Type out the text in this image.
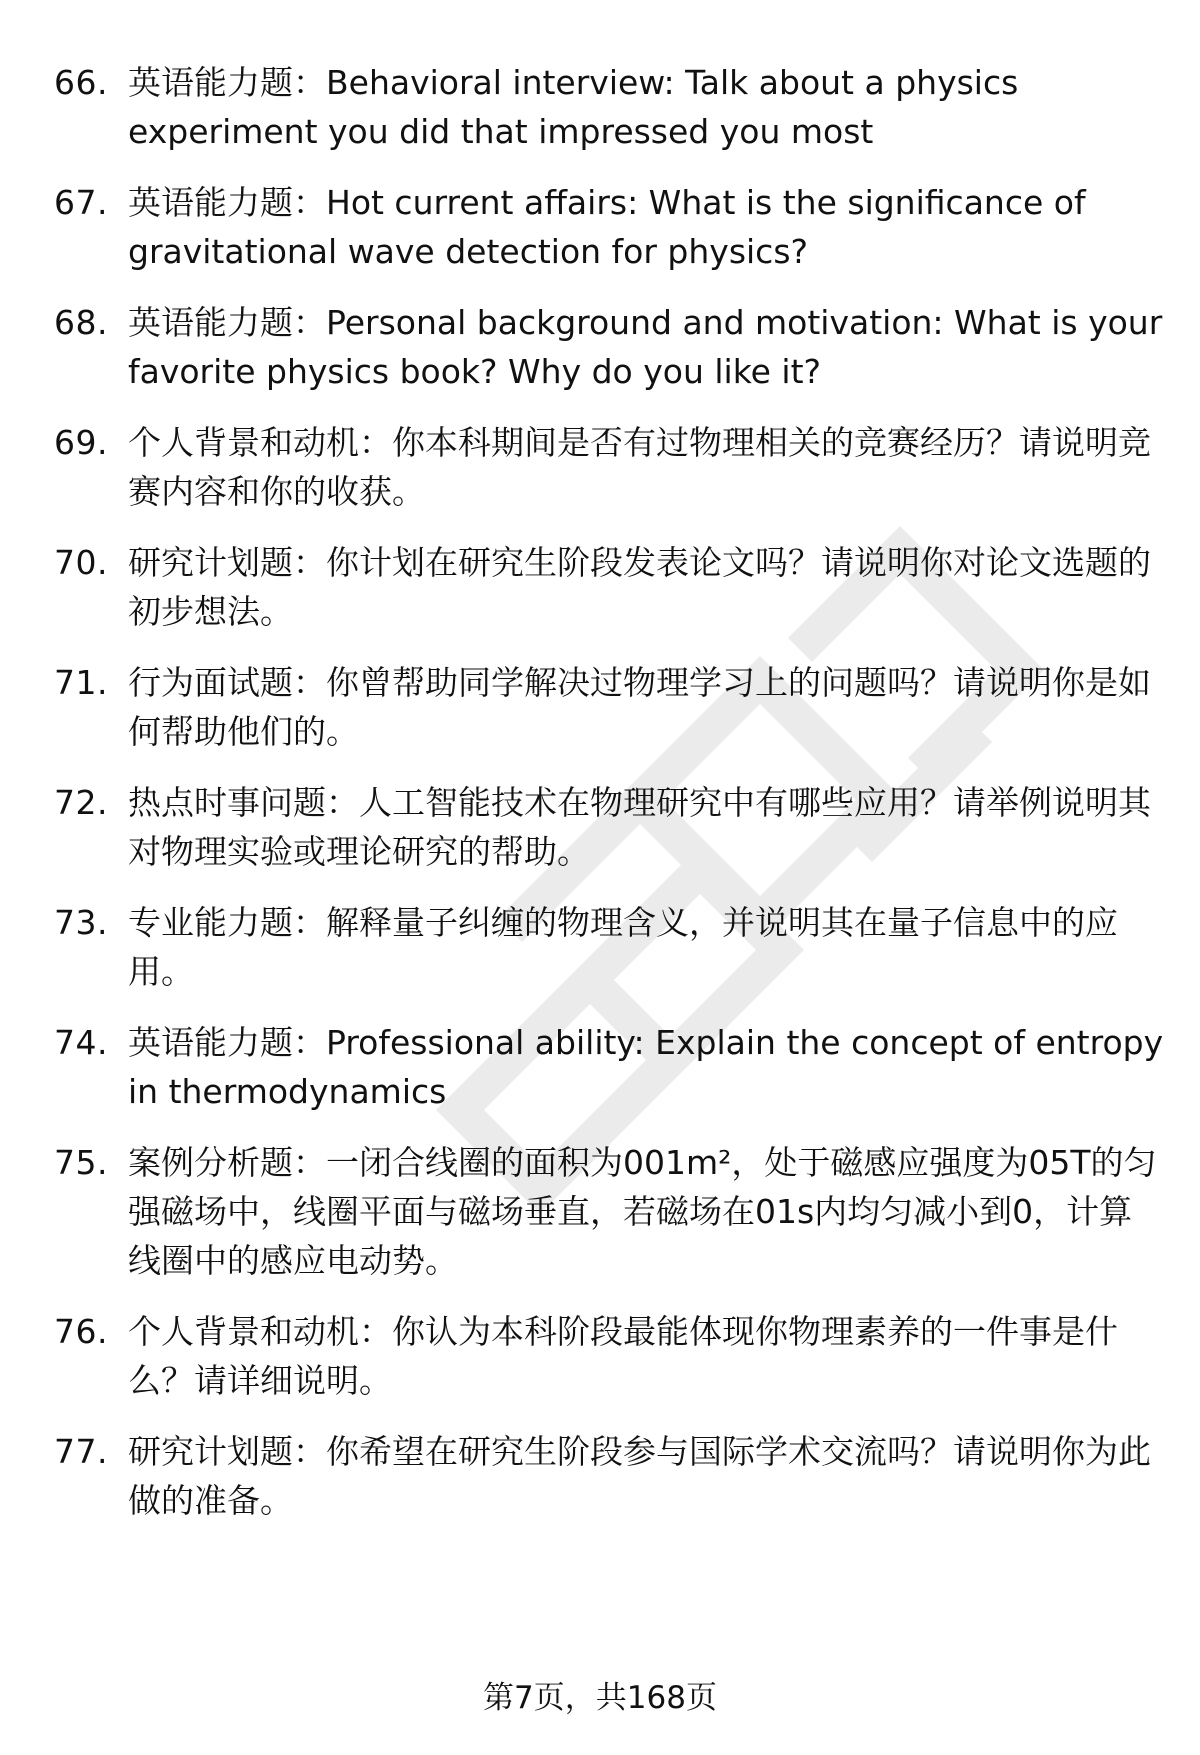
66. 英语能力题：Behavioral interview: Talk about a physics experiment you did that impressed you most
67. 英语能力题：Hot current affairs: What is the significance of gravitational wave detection for physics?
68. 英语能力题：Personal background and motivation: What is your favorite physics book? Why do you like it?
69. 个人背景和动机：你本科期间是否有过物理相关的竞赛经历？请说明竞赛内容和你的收获。
70. 研究计划题：你计划在研究生阶段发表论文吗？请说明你对论文选题的初步想法。
71. 行为面试题：你曾帮助同学解决过物理学习上的问题吗？请说明你是如何帮助他们的。
72. 热点时事问题：人工智能技术在物理研究中有哪些应用？请举例说明其对物理实验或理论研究的帮助。
73. 专业能力题：解释量子纠缠的物理含义，并说明其在量子信息中的应用。
74. 英语能力题：Professional ability: Explain the concept of entropy in thermodynamics
75. 案例分析题：一闭合线圈的面积为001m²，处于磁感应强度为05T的匀强磁场中，线圈平面与磁场垂直，若磁场在01s内均匀减小到0，计算线圈中的感应电动势。
76. 个人背景和动机：你认为本科阶段最能体现你物理素养的一件事是什么？请详细说明。
77. 研究计划题：你希望在研究生阶段参与国际学术交流吗？请说明你为此做的准备。
第7页，共168页
